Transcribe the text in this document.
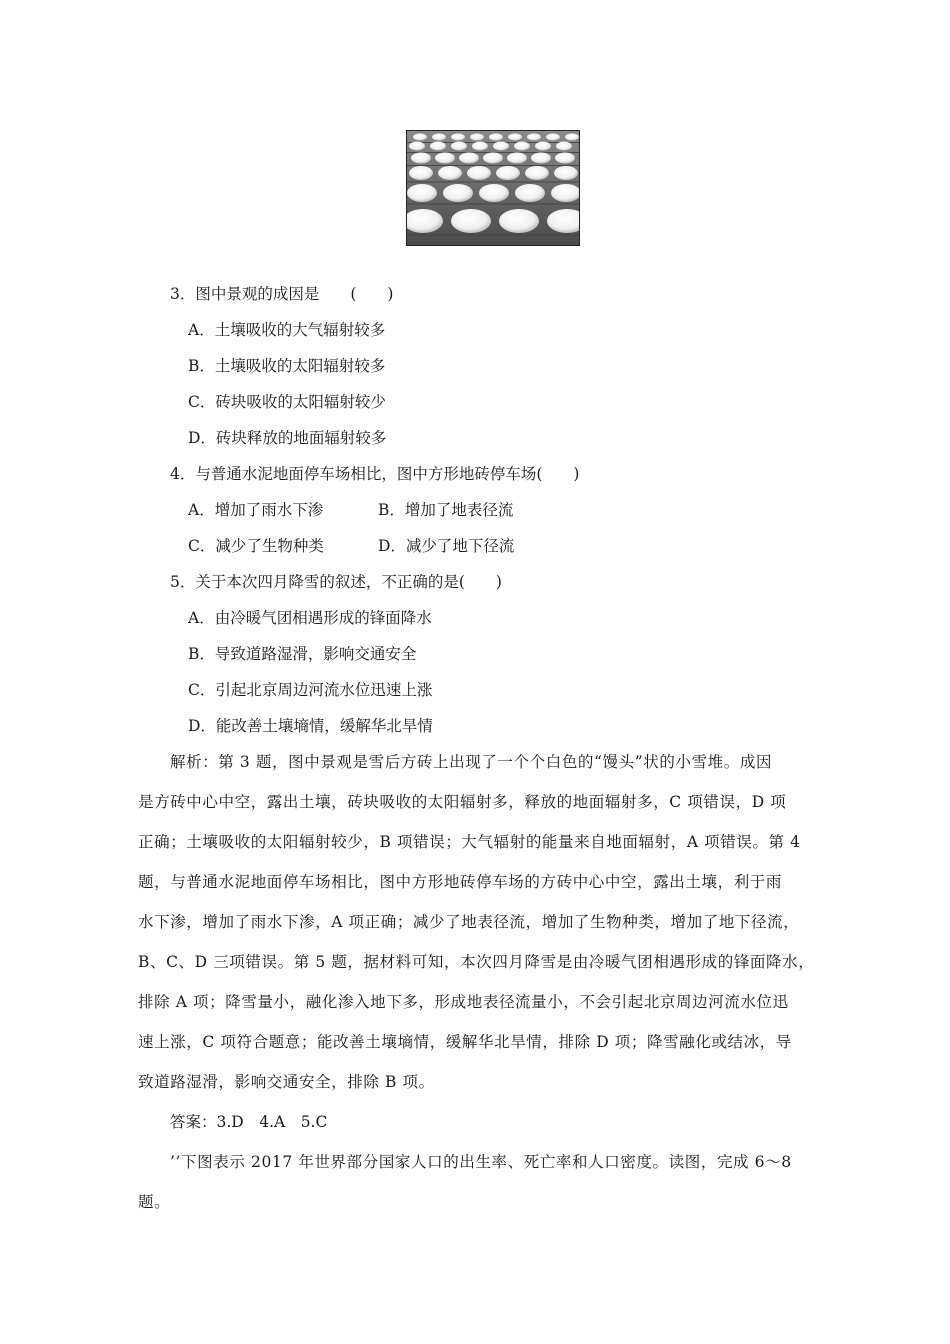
3．图中景观的成因是　　(　　)
A．土壤吸收的大气辐射较多
B．土壤吸收的太阳辐射较多
C．砖块吸收的太阳辐射较少
D．砖块释放的地面辐射较多
4．与普通水泥地面停车场相比，图中方形地砖停车场(　　)
A．增加了雨水下渗	B．增加了地表径流
C．减少了生物种类	D．减少了地下径流
5．关于本次四月降雪的叙述，不正确的是(　　)
A．由冷暖气团相遇形成的锋面降水
B．导致道路湿滑，影响交通安全
C．引起北京周边河流水位迅速上涨
D．能改善土壤墒情，缓解华北旱情
解析：第 3 题，图中景观是雪后方砖上出现了一个个白色的“馒头”状的小雪堆。成因
是方砖中心中空，露出土壤，砖块吸收的太阳辐射多，释放的地面辐射多，C 项错误，D 项
正确；土壤吸收的太阳辐射较少，B 项错误；大气辐射的能量来自地面辐射，A 项错误。第 4
题，与普通水泥地面停车场相比，图中方形地砖停车场的方砖中心中空，露出土壤，利于雨
水下渗，增加了雨水下渗，A 项正确；减少了地表径流，增加了生物种类，增加了地下径流，
B、C、D 三项错误。第 5 题，据材料可知，本次四月降雪是由冷暖气团相遇形成的锋面降水，
排除 A 项；降雪量小，融化渗入地下多，形成地表径流量小，不会引起北京周边河流水位迅
速上涨，C 项符合题意；能改善土壤墒情，缓解华北旱情，排除 D 项；降雪融化或结冰，导
致道路湿滑，影响交通安全，排除 B 项。
答案：3.D　4.A　5.C
’’下图表示 2017 年世界部分国家人口的出生率、死亡率和人口密度。读图，完成 6～8
题。
